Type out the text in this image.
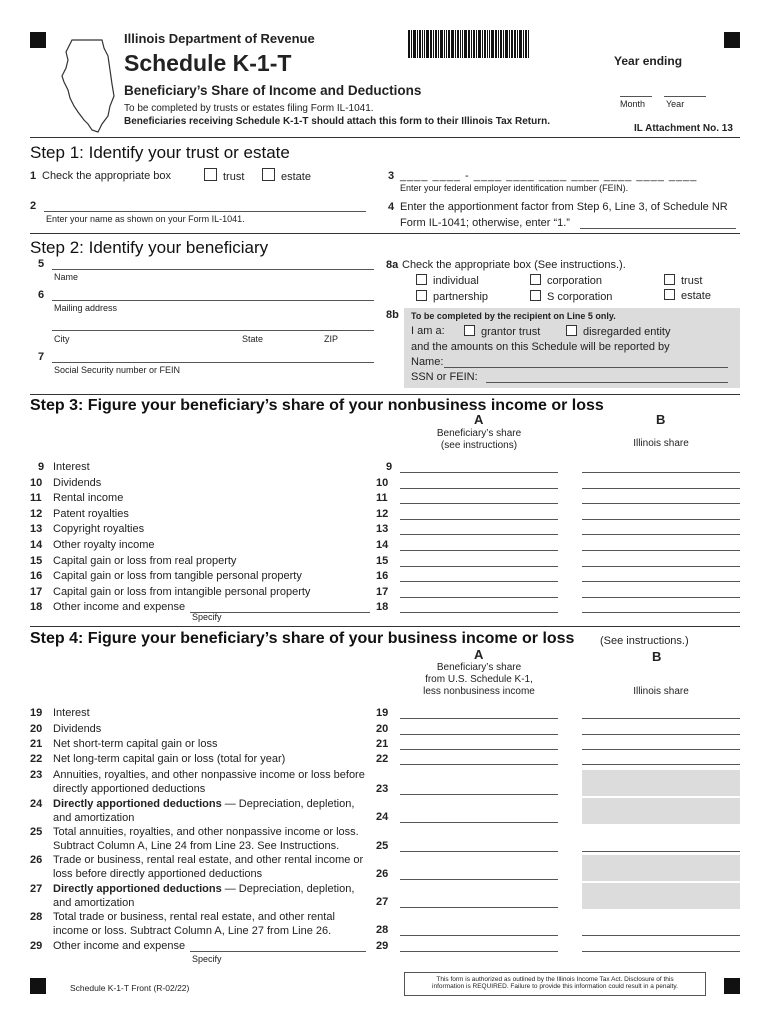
Illinois Department of Revenue
Schedule K-1-T
Beneficiary’s Share of Income and Deductions
To be completed by trusts or estates filing Form IL-1041.
Beneficiaries receiving Schedule K-1-T should attach this form to their Illinois Tax Return.
Year ending
Month Year
IL Attachment No. 13
Step 1: Identify your trust or estate
1 Check the appropriate box	trust	estate	3 ____ ____ - ____ ____ ____ ____ ____ ____ ____
Enter your federal employer identification number (FEIN).
2
Enter your name as shown on your Form IL-1041.
4 Enter the apportionment factor from Step 6, Line 3, of Schedule NR
Form IL-1041; otherwise, enter “1.”
Step 2: Identify your beneficiary
5
Name
6
Mailing address
City	State	ZIP
7
Social Security number or FEIN
8a Check the appropriate box (See instructions.).
individual	corporation	trust
partnership	S corporation	estate
8b To be completed by the recipient on Line 5 only.
I am a:	grantor trust	disregarded entity
and the amounts on this Schedule will be reported by
Name:
SSN or FEIN:
Step 3: Figure your beneficiary’s share of your nonbusiness income or loss
A
Beneficiary’s share
(see instructions)
B
Illinois share
9 Interest	9
10 Dividends	10
11 Rental income	11
12 Patent royalties	12
13 Copyright royalties	13
14 Other royalty income	14
15 Capital gain or loss from real property	15
16 Capital gain or loss from tangible personal property	16
17 Capital gain or loss from intangible personal property	17
18 Other income and expense	18
Specify
Step 4: Figure your beneficiary’s share of your business income or loss (See instructions.)
A
Beneficiary’s share
from U.S. Schedule K-1,
less nonbusiness income
B
Illinois share
19 Interest	19
20 Dividends	20
21 Net short-term capital gain or loss	21
22 Net long-term capital gain or loss (total for year)	22
23 Annuities, royalties, and other nonpassive income or loss before
directly apportioned deductions	23
24 Directly apportioned deductions — Depreciation, depletion,
and amortization	24
25 Total annuities, royalties, and other nonpassive income or loss.
Subtract Column A, Line 24 from Line 23. See Instructions.	25
26 Trade or business, rental real estate, and other rental income or
loss before directly apportioned deductions	26
27 Directly apportioned deductions — Depreciation, depletion,
and amortization	27
28 Total trade or business, rental real estate, and other rental
income or loss. Subtract Column A, Line 27 from Line 26.	28
29 Other income and expense	29
Specify
Schedule K-1-T Front (R-02/22)
This form is authorized as outlined by the Illinois Income Tax Act. Disclosure of this
information is REQUIRED. Failure to provide this information could result in a penalty.
